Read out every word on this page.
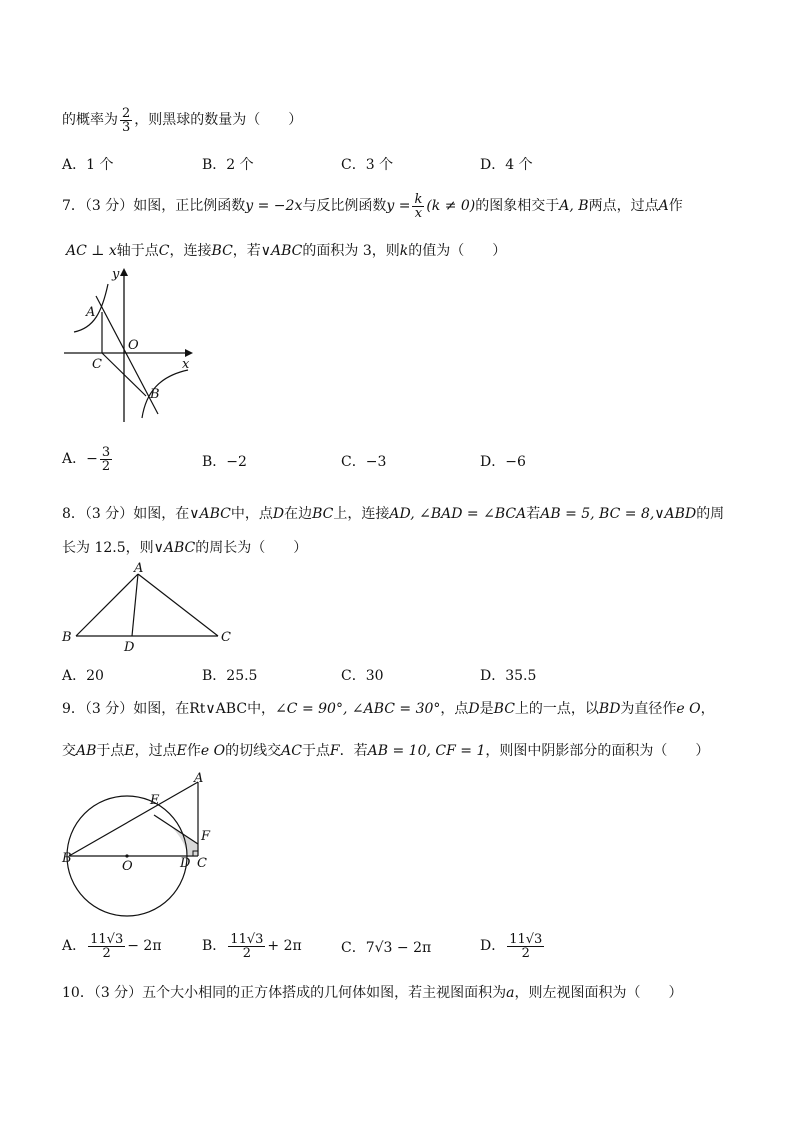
的概率为 $\frac{2}{3}$ ，则黑球的数量为（　　）
A．1 个	B．2 个	C．3 个	D．4 个
7．（3 分）如图，正比例函数y = −2x与反比例函数$y = \frac{k}{x} (k \ne 0)$的图象相交于A, B两点，过点A作
AC ⊥ x轴于点C，连接BC，若∨ABC的面积为 3，则k的值为（　　）
y
x
A
O
C
B
A．− $\frac{3}{2}$	B．−2	C．−3	D．−6
8．（3 分）如图，在∨ABC中，点D在边BC上，连接AD, ∠BAD = ∠BCA若AB = 5, BC = 8,∨ABD的周
长为 12.5，则∨ABC的周长为（　　）
A
B	C
D
A．20	B．25.5	C．30	D．35.5
9．（3 分）如图，在Rt∨ABC中，∠C = 90°, ∠ABC = 30°，点D是BC上的一点，以BD为直径作e O，
交AB于点E，过点E作e O的切线交AC于点F．若AB = 10, CF = 1，则图中阴影部分的面积为（　　）
A
E
F
B
O	D C
A． $\frac{11√3}{2} - 2\pi$	B． $\frac{11√3}{2} + 2\pi$	C．7√3 − 2π	D． $\frac{11√3}{2}$
10．（3 分）五个大小相同的正方体搭成的几何体如图，若主视图面积为a，则左视图面积为（　　）
